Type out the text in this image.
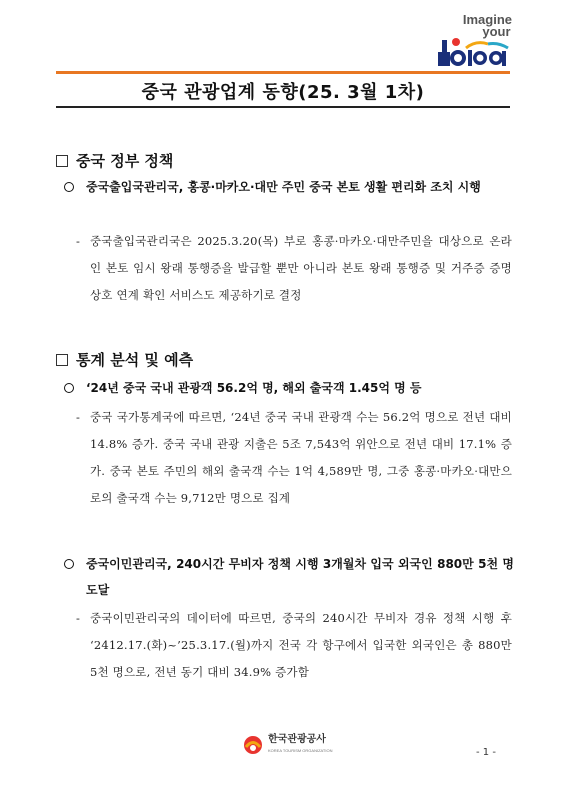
Imagine
your
중국 관광업계 동향(25. 3월 1차)
중국 정부 정책
중국출입국관리국, 홍콩·마카오·대만 주민 중국 본토 생활 편리화 조치 시행
- 중국출입국관리국은 2025.3.20(목) 부로 홍콩·마카오·대만주민을 대상으로 온라인 본토 임시 왕래 통행증을 발급할 뿐만 아니라 본토 왕래 통행증 및 거주증 증명 상호 연계 확인 서비스도 제공하기로 결정
통계 분석 및 예측
‘24년 중국 국내 관광객 56.2억 명, 해외 출국객 1.45억 명 등
- 중국 국가통계국에 따르면, ‘24년 중국 국내 관광객 수는 56.2억 명으로 전년 대비 14.8% 증가. 중국 국내 관광 지출은 5조 7,543억 위안으로 전년 대비 17.1% 증가. 중국 본토 주민의 해외 출국객 수는 1억 4,589만 명, 그중 홍콩·마카오·대만으로의 출국객 수는 9,712만 명으로 집계
중국이민관리국, 240시간 무비자 정책 시행 3개월차 입국 외국인 880만 5천 명 도달
- 중국이민관리국의 데이터에 따르면, 중국의 240시간 무비자 경유 정책 시행 후 ‘2412.17.(화)~’25.3.17.(월)까지 전국 각 항구에서 입국한 외국인은 총 880만 5천 명으로, 전년 동기 대비 34.9% 증가함
한국관광공사
KOREA TOURISM ORGANIZATION	- 1 -
